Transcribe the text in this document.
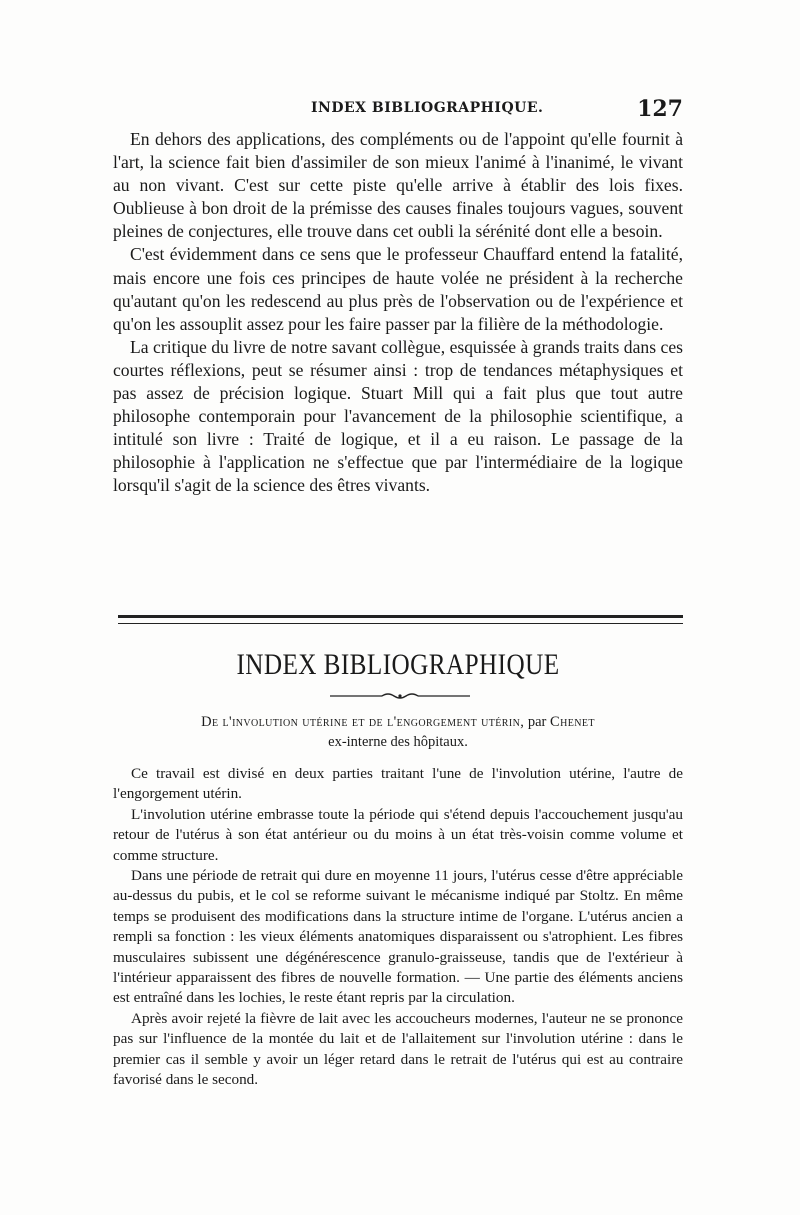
INDEX BIBLIOGRAPHIQUE.	127

En dehors des applications, des compléments ou de l'appoint qu'elle fournit à l'art, la science fait bien d'assimiler de son mieux l'animé à l'inanimé, le vivant au non vivant. C'est sur cette piste qu'elle arrive à établir des lois fixes. Oublieuse à bon droit de la prémisse des causes finales toujours vagues, souvent pleines de conjectures, elle trouve dans cet oubli la sérénité dont elle a besoin.

C'est évidemment dans ce sens que le professeur Chauffard entend la fatalité, mais encore une fois ces principes de haute volée ne président à la recherche qu'autant qu'on les redescend au plus près de l'observation ou de l'expérience et qu'on les assouplit assez pour les faire passer par la filière de la méthodologie.

La critique du livre de notre savant collègue, esquissée à grands traits dans ces courtes réflexions, peut se résumer ainsi : trop de tendances métaphysiques et pas assez de précision logique. Stuart Mill qui a fait plus que tout autre philosophe contemporain pour l'avancement de la philosophie scientifique, a intitulé son livre : Traité de logique, et il a eu raison. Le passage de la philosophie à l'application ne s'effectue que par l'intermédiaire de la logique lorsqu'il s'agit de la science des êtres vivants.

INDEX BIBLIOGRAPHIQUE
De l'involution utérine et de l'engorgement utérin, par Chenet
ex-interne des hôpitaux.

Ce travail est divisé en deux parties traitant l'une de l'involution utérine, l'autre de l'engorgement utérin.

L'involution utérine embrasse toute la période qui s'étend depuis l'accouchement jusqu'au retour de l'utérus à son état antérieur ou du moins à un état très-voisin comme volume et comme structure.

Dans une période de retrait qui dure en moyenne 11 jours, l'utérus cesse d'être appréciable au-dessus du pubis, et le col se reforme suivant le mécanisme indiqué par Stoltz. En même temps se produisent des modifications dans la structure intime de l'organe. L'utérus ancien a rempli sa fonction : les vieux éléments anatomiques disparaissent ou s'atrophient. Les fibres musculaires subissent une dégénérescence granulo-graisseuse, tandis que de l'extérieur à l'intérieur apparaissent des fibres de nouvelle formation. — Une partie des éléments anciens est entraîné dans les lochies, le reste étant repris par la circulation.

Après avoir rejeté la fièvre de lait avec les accoucheurs modernes, l'auteur ne se prononce pas sur l'influence de la montée du lait et de l'allaitement sur l'involution utérine : dans le premier cas il semble y avoir un léger retard dans le retrait de l'utérus qui est au contraire favorisé dans le second.
